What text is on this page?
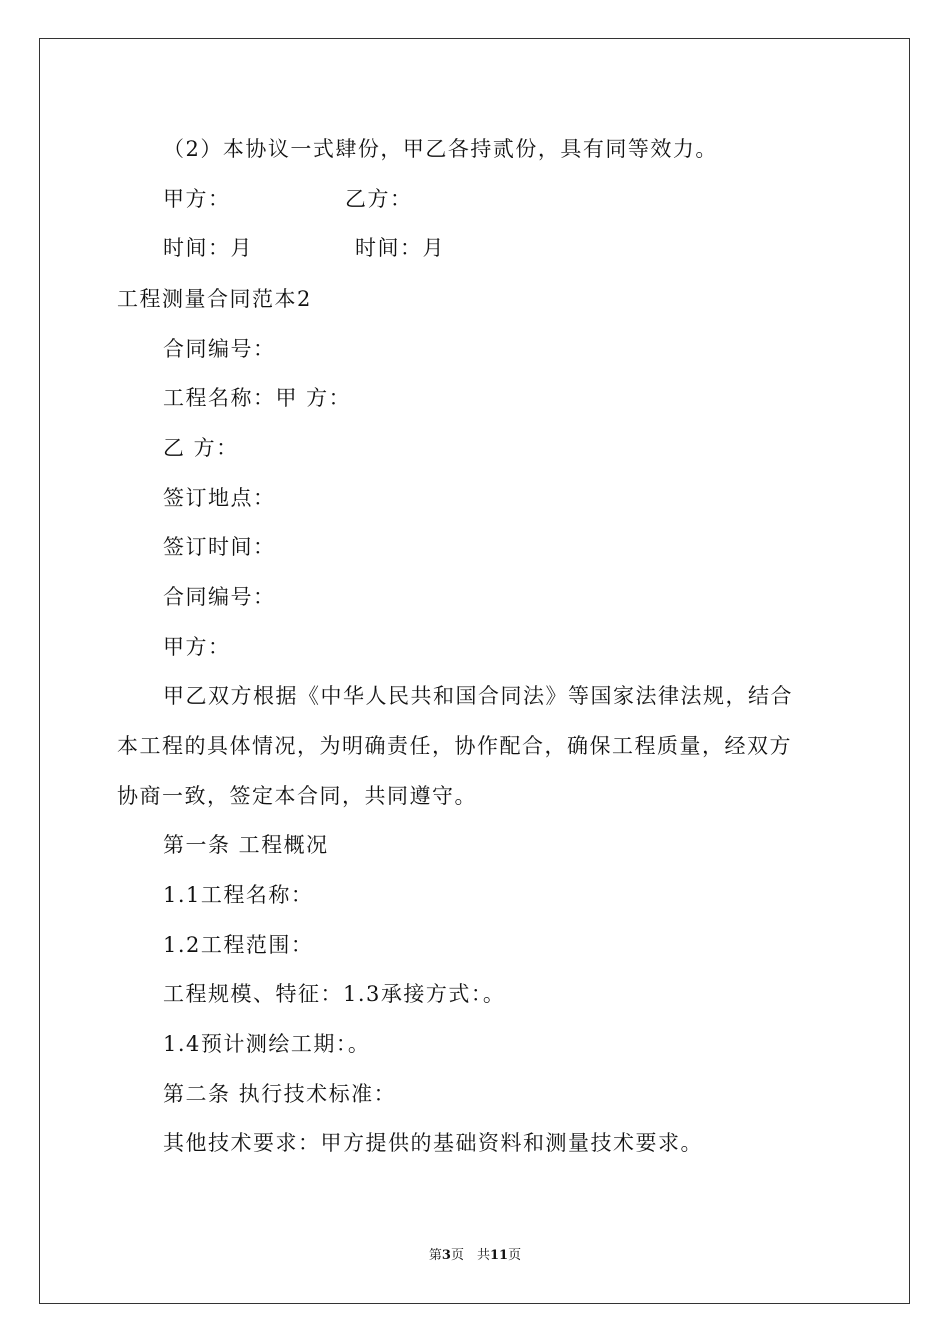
（2）本协议一式肆份，甲乙各持贰份，具有同等效力。
甲方：	乙方：
时间：月	时间：月
工程测量合同范本2
合同编号：
工程名称：甲 方：
乙 方：
签订地点：
签订时间：
合同编号：
甲方：
甲乙双方根据《中华人民共和国合同法》等国家法律法规，结合
本工程的具体情况，为明确责任，协作配合，确保工程质量，经双方
协商一致，签定本合同，共同遵守。
第一条 工程概况
1.1工程名称：
1.2工程范围：
工程规模、特征：1.3承接方式：。
1.4预计测绘工期：。
第二条 执行技术标准：
其他技术要求：甲方提供的基础资料和测量技术要求。
第3页　共11页
